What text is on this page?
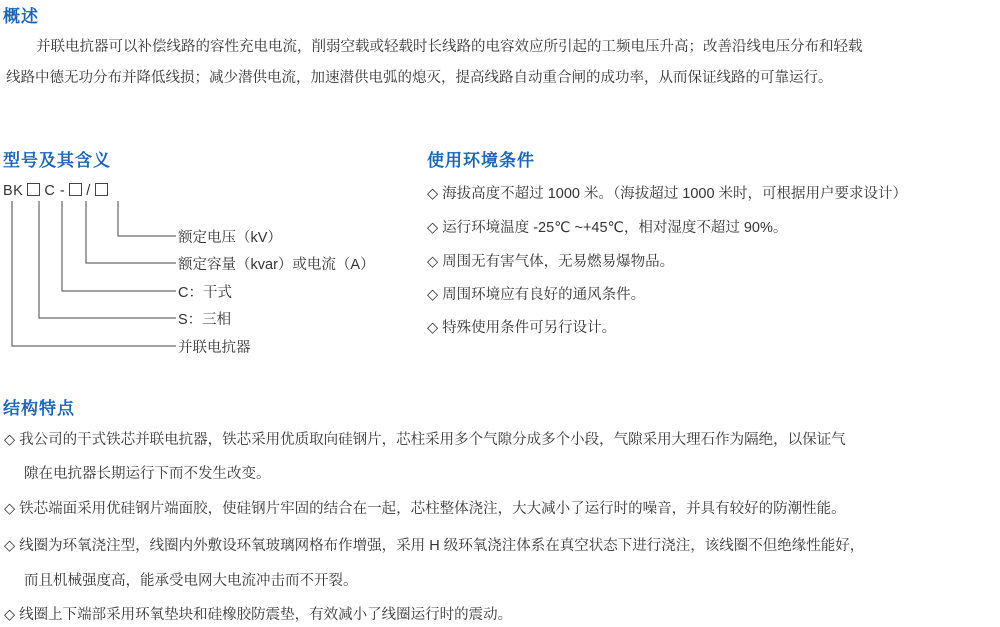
概述
并联电抗器可以补偿线路的容性充电电流，削弱空载或轻载时长线路的电容效应所引起的工频电压升高；改善沿线电压分布和轻载
线路中德无功分布并降低线损；减少潜供电流，加速潜供电弧的熄灭，提高线路自动重合闸的成功率，从而保证线路的可靠运行。
型号及其含义
BK C - /
额定电压（kV）
额定容量（kvar）或电流（A）
C：干式
S：三相
并联电抗器
使用环境条件
◇ 海拔高度不超过 1000 米。（海拔超过 1000 米时，可根据用户要求设计）
◇ 运行环境温度 -25℃ ~+45℃，相对湿度不超过 90%。
◇ 周围无有害气体，无易燃易爆物品。
◇ 周围环境应有良好的通风条件。
◇ 特殊使用条件可另行设计。
结构特点
◇ 我公司的干式铁芯并联电抗器，铁芯采用优质取向硅钢片，芯柱采用多个气隙分成多个小段，气隙采用大理石作为隔绝，以保证气
隙在电抗器长期运行下而不发生改变。
◇ 铁芯端面采用优硅钢片端面胶，使硅钢片牢固的结合在一起，芯柱整体浇注，大大减小了运行时的噪音，并具有较好的防潮性能。
◇ 线圈为环氧浇注型，线圈内外敷设环氧玻璃网格布作增强，采用 H 级环氧浇注体系在真空状态下进行浇注，该线圈不但绝缘性能好，
而且机械强度高，能承受电网大电流冲击而不开裂。
◇ 线圈上下端部采用环氧垫块和硅橡胶防震垫，有效减小了线圈运行时的震动。
